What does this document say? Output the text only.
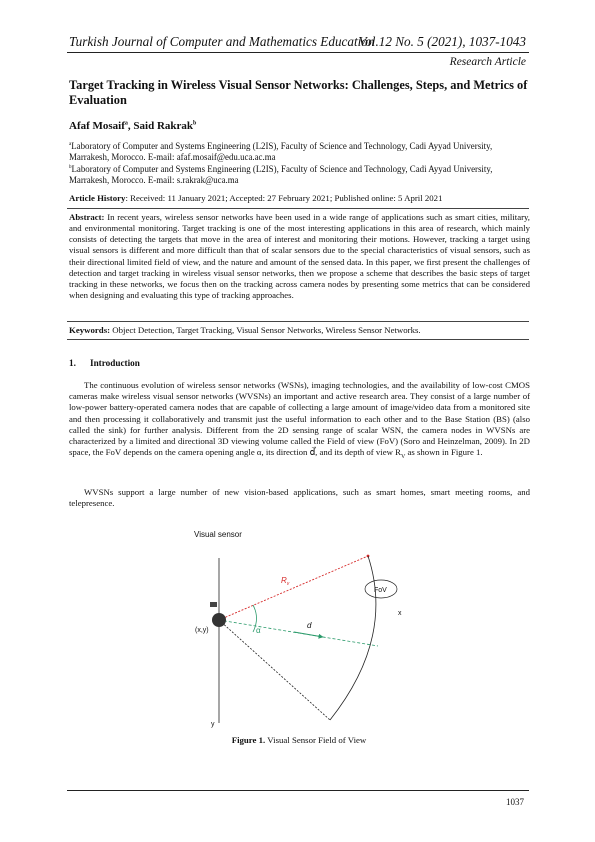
Turkish Journal of Computer and Mathematics Education
Vol.12 No. 5 (2021), 1037-1043
Research Article
Target Tracking in Wireless Visual Sensor Networks: Challenges, Steps, and Metrics of Evaluation
Afaf Mosaif$^a$, Said Rakrak$^b$
$^a$Laboratory of Computer and Systems Engineering (L2IS), Faculty of Science and Technology, Cadi Ayyad University, Marrakesh, Morocco. E-mail: afaf.mosaif@edu.uca.ac.ma
$^b$Laboratory of Computer and Systems Engineering (L2IS), Faculty of Science and Technology, Cadi Ayyad University, Marrakesh, Morocco. E-mail: s.rakrak@uca.ma
Article History: Received: 11 January 2021; Accepted: 27 February 2021; Published online: 5 April 2021
Abstract: In recent years, wireless sensor networks have been used in a wide range of applications such as smart cities, military, and environmental monitoring. Target tracking is one of the most interesting applications in this area of research, which mainly consists of detecting the targets that move in the area of interest and monitoring their motions. However, tracking a target using visual sensors is different and more difficult than that of scalar sensors due to the special characteristics of visual sensors, such as their directional limited field of view, and the nature and amount of the sensed data. In this paper, we first present the challenges of detection and target tracking in wireless visual sensor networks, then we propose a scheme that describes the basic steps of target tracking in these networks, we focus then on the tracking across camera nodes by presenting some metrics that can be considered when designing and evaluating this type of tracking approaches.
Keywords: Object Detection, Target Tracking, Visual Sensor Networks, Wireless Sensor Networks.
1. Introduction
The continuous evolution of wireless sensor networks (WSNs), imaging technologies, and the availability of low-cost CMOS cameras make wireless visual sensor networks (WVSNs) an important and active research area. They consist of a large number of low-power battery-operated camera nodes that are capable of collecting a large amount of image/video data from a monitored site and then processing it collaboratively and transmit just the useful information to each other and to the Base Station (BS) (also called the sink) for further analysis. Different from the 2D sensing range of scalar WSN, the camera nodes in WVSNs are characterized by a limited and directional 3D viewing volume called the Field of view (FoV) (Soro and Heinzelman, 2009). In 2D space, the FoV depends on the camera opening angle α, its direction d⃗, and its depth of view $R_V$ as shown in Figure 1.
WVSNs support a large number of new vision-based applications, such as smart homes, smart meeting rooms, and telepresence.
Visual sensor
y
x
d
α
$R_v$
FoV
(x,y)
Figure 1. Visual Sensor Field of View
1037
